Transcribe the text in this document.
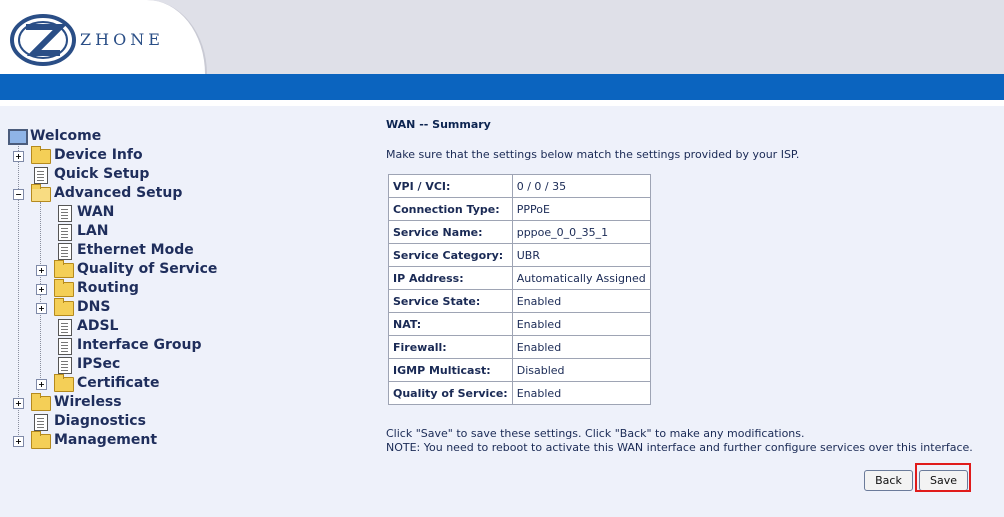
ZHONE
Welcome
+ Device Info
Quick Setup
− Advanced Setup
WAN
LAN
Ethernet Mode
+ Quality of Service
+ Routing
+ DNS
ADSL
Interface Group
IPSec
+ Certificate
+ Wireless
Diagnostics
+ Management
WAN -- Summary
Make sure that the settings below match the settings provided by your ISP.
VPI / VCI:	0 / 0 / 35
Connection Type:	PPPoE
Service Name:	pppoe_0_0_35_1
Service Category:	UBR
IP Address:	Automatically Assigned
Service State:	Enabled
NAT:	Enabled
Firewall:	Enabled
IGMP Multicast:	Disabled
Quality of Service:	Enabled
Click "Save" to save these settings. Click "Back" to make any modifications.
NOTE: You need to reboot to activate this WAN interface and further configure services over this interface.
Back	Save
